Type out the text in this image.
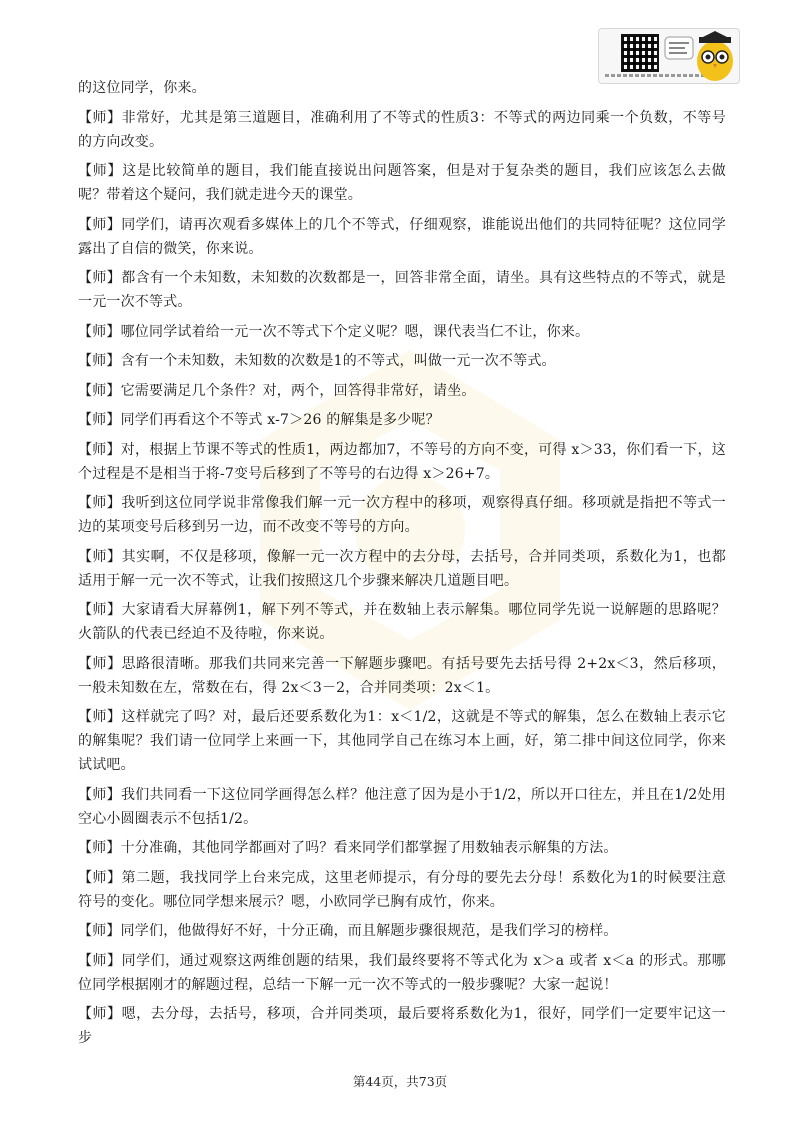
的这位同学，你来。

【师】非常好，尤其是第三道题目，准确利用了不等式的性质3：不等式的两边同乘一个负数，不等号的方向改变。

【师】这是比较简单的题目，我们能直接说出问题答案，但是对于复杂类的题目，我们应该怎么去做呢？带着这个疑问，我们就走进今天的课堂。

【师】同学们，请再次观看多媒体上的几个不等式，仔细观察，谁能说出他们的共同特征呢？这位同学露出了自信的微笑，你来说。

【师】都含有一个未知数，未知数的次数都是一，回答非常全面，请坐。具有这些特点的不等式，就是一元一次不等式。

【师】哪位同学试着给一元一次不等式下个定义呢？嗯，课代表当仁不让，你来。

【师】含有一个未知数，未知数的次数是1的不等式，叫做一元一次不等式。

【师】它需要满足几个条件？对，两个，回答得非常好，请坐。

【师】同学们再看这个不等式 x-7＞26 的解集是多少呢？

【师】对，根据上节课不等式的性质1，两边都加7，不等号的方向不变，可得 x＞33，你们看一下，这个过程是不是相当于将-7变号后移到了不等号的右边得 x＞26+7。

【师】我听到这位同学说非常像我们解一元一次方程中的移项，观察得真仔细。移项就是指把不等式一边的某项变号后移到另一边，而不改变不等号的方向。

【师】其实啊，不仅是移项，像解一元一次方程中的去分母，去括号，合并同类项，系数化为1，也都适用于解一元一次不等式，让我们按照这几个步骤来解决几道题目吧。

【师】大家请看大屏幕例1，解下列不等式，并在数轴上表示解集。哪位同学先说一说解题的思路呢？火箭队的代表已经迫不及待啦，你来说。

【师】思路很清晰。那我们共同来完善一下解题步骤吧。有括号要先去括号得 2+2x＜3，然后移项，一般未知数在左，常数在右，得 2x＜3－2，合并同类项：2x＜1。

【师】这样就完了吗？对，最后还要系数化为1：x＜1/2，这就是不等式的解集，怎么在数轴上表示它的解集呢？我们请一位同学上来画一下，其他同学自己在练习本上画，好，第二排中间这位同学，你来试试吧。

【师】我们共同看一下这位同学画得怎么样？他注意了因为是小于1/2，所以开口往左，并且在1/2处用空心小圆圈表示不包括1/2。

【师】十分准确，其他同学都画对了吗？看来同学们都掌握了用数轴表示解集的方法。

【师】第二题，我找同学上台来完成，这里老师提示，有分母的要先去分母！系数化为1的时候要注意符号的变化。哪位同学想来展示？嗯，小欧同学已胸有成竹，你来。

【师】同学们，他做得好不好，十分正确，而且解题步骤很规范，是我们学习的榜样。

【师】同学们，通过观察这两维创题的结果，我们最终要将不等式化为 x＞a 或者 x＜a 的形式。那哪位同学根据刚才的解题过程，总结一下解一元一次不等式的一般步骤呢？大家一起说！

【师】嗯，去分母，去括号，移项，合并同类项，最后要将系数化为1，很好，同学们一定要牢记这一步

第44页，共73页
